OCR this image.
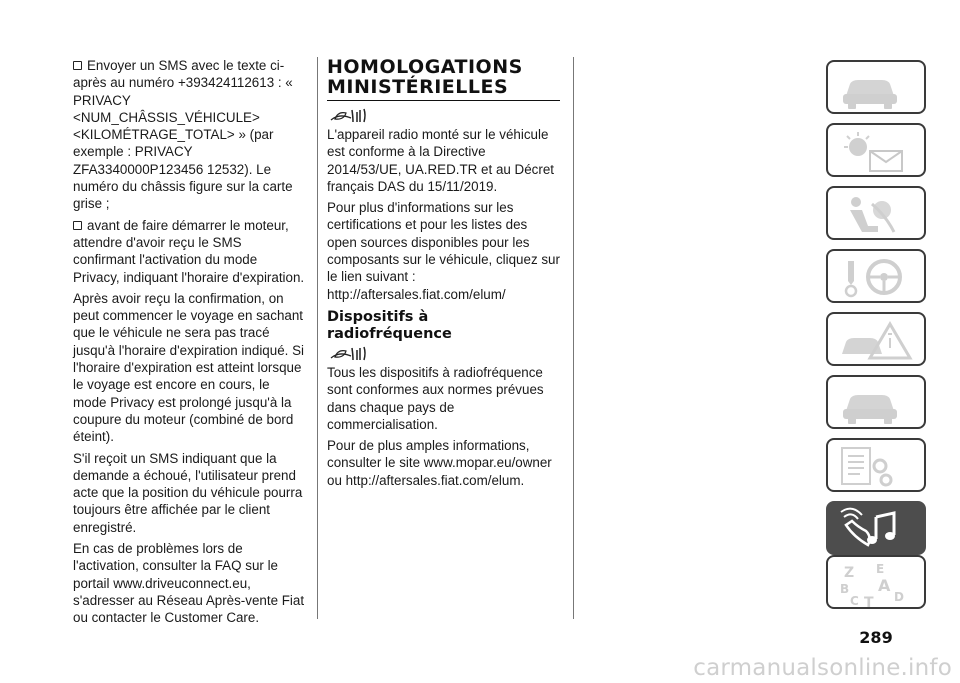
Envoyer un SMS avec le texte ci-après au numéro +393424112613 : « PRIVACY <NUM_CHÂSSIS_VÉHICULE> <KILOMÉTRAGE_TOTAL> » (par exemple : PRIVACY ZFA3340000P123456 12532). Le numéro du châssis figure sur la carte grise ;

avant de faire démarrer le moteur, attendre d'avoir reçu le SMS confirmant l'activation du mode Privacy, indiquant l'horaire d'expiration.

Après avoir reçu la confirmation, on peut commencer le voyage en sachant que le véhicule ne sera pas tracé jusqu'à l'horaire d'expiration indiqué. Si l'horaire d'expiration est atteint lorsque le voyage est encore en cours, le mode Privacy est prolongé jusqu'à la coupure du moteur (combiné de bord éteint).

S'il reçoit un SMS indiquant que la demande a échoué, l'utilisateur prend acte que la position du véhicule pourra toujours être affichée par le client enregistré.

En cas de problèmes lors de l'activation, consulter la FAQ sur le portail www.driveuconnect.eu, s'adresser au Réseau Après-vente Fiat ou contacter le Customer Care.

HOMOLOGATIONS
MINISTÉRIELLES

L'appareil radio monté sur le véhicule est conforme à la Directive 2014/53/UE, UA.RED.TR et au Décret français DAS du 15/11/2019.

Pour plus d'informations sur les certifications et pour les listes des open sources disponibles pour les composants sur le véhicule, cliquez sur le lien suivant : http://aftersales.fiat.com/elum/

Dispositifs à
radiofréquence

Tous les dispositifs à radiofréquence sont conformes aux normes prévues dans chaque pays de commercialisation.

Pour de plus amples informations, consulter le site www.mopar.eu/owner ou http://aftersales.fiat.com/elum.

Z E
B A
C T D
289
carmanualsonline.info
